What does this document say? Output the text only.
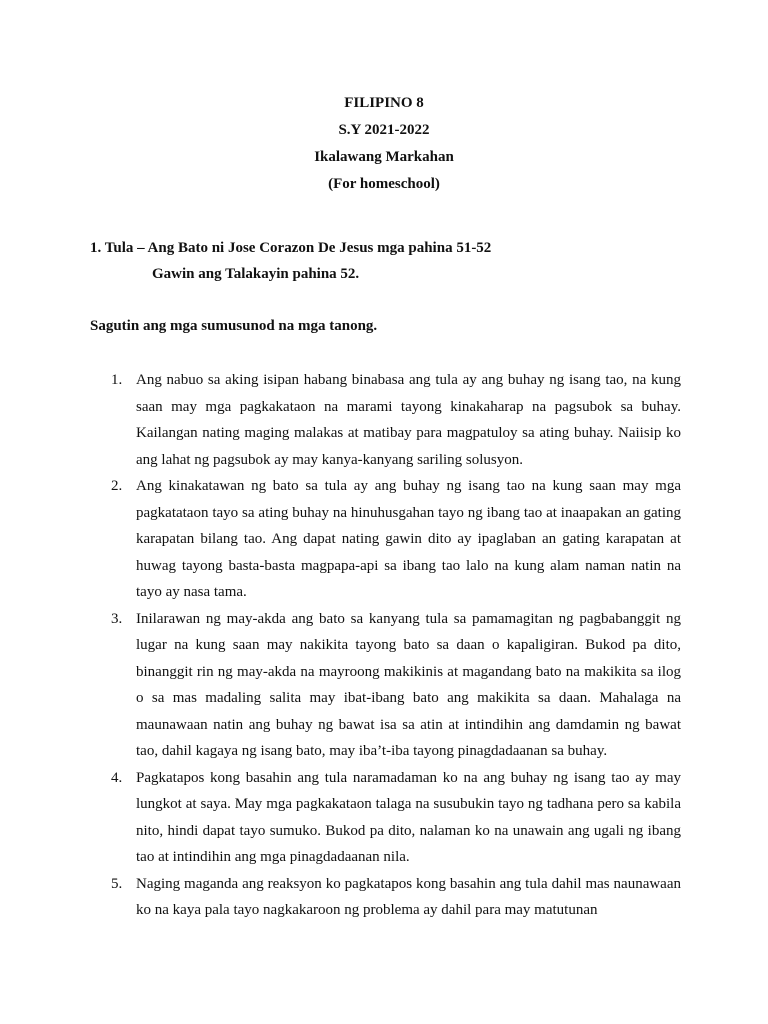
FILIPINO 8
S.Y 2021-2022
Ikalawang Markahan
(For homeschool)
1. Tula – Ang Bato ni Jose Corazon De Jesus mga pahina 51-52
Gawin ang Talakayin pahina 52.
Sagutin ang mga sumusunod na mga tanong.
1. Ang nabuo sa aking isipan habang binabasa ang tula ay ang buhay ng isang tao, na kung saan may mga pagkakataon na marami tayong kinakaharap na pagsubok sa buhay. Kailangan nating maging malakas at matibay para magpatuloy sa ating buhay. Naiisip ko ang lahat ng pagsubok ay may kanya-kanyang sariling solusyon.
2. Ang kinakatawan ng bato sa tula ay ang buhay ng isang tao na kung saan may mga pagkatataon tayo sa ating buhay na hinuhusgahan tayo ng ibang tao at inaapakan an gating karapatan bilang tao. Ang dapat nating gawin dito ay ipaglaban an gating karapatan at huwag tayong basta-basta magpapa-api sa ibang tao lalo na kung alam naman natin na tayo ay nasa tama.
3. Inilarawan ng may-akda ang bato sa kanyang tula sa pamamagitan ng pagbabanggit ng lugar na kung saan may nakikita tayong bato sa daan o kapaligiran. Bukod pa dito, binanggit rin ng may-akda na mayroong makikinis at magandang bato na makikita sa ilog o sa mas madaling salita may ibat-ibang bato ang makikita sa daan. Mahalaga na maunawaan natin ang buhay ng bawat isa sa atin at intindihin ang damdamin ng bawat tao, dahil kagaya ng isang bato, may iba’t-iba tayong pinagdadaanan sa buhay.
4. Pagkatapos kong basahin ang tula naramadaman ko na ang buhay ng isang tao ay may lungkot at saya. May mga pagkakataon talaga na susubukin tayo ng tadhana pero sa kabila nito, hindi dapat tayo sumuko. Bukod pa dito, nalaman ko na unawain ang ugali ng ibang tao at intindihin ang mga pinagdadaanan nila.
5. Naging maganda ang reaksyon ko pagkatapos kong basahin ang tula dahil mas naunawaan ko na kaya pala tayo nagkakaroon ng problema ay dahil para may matutunan
